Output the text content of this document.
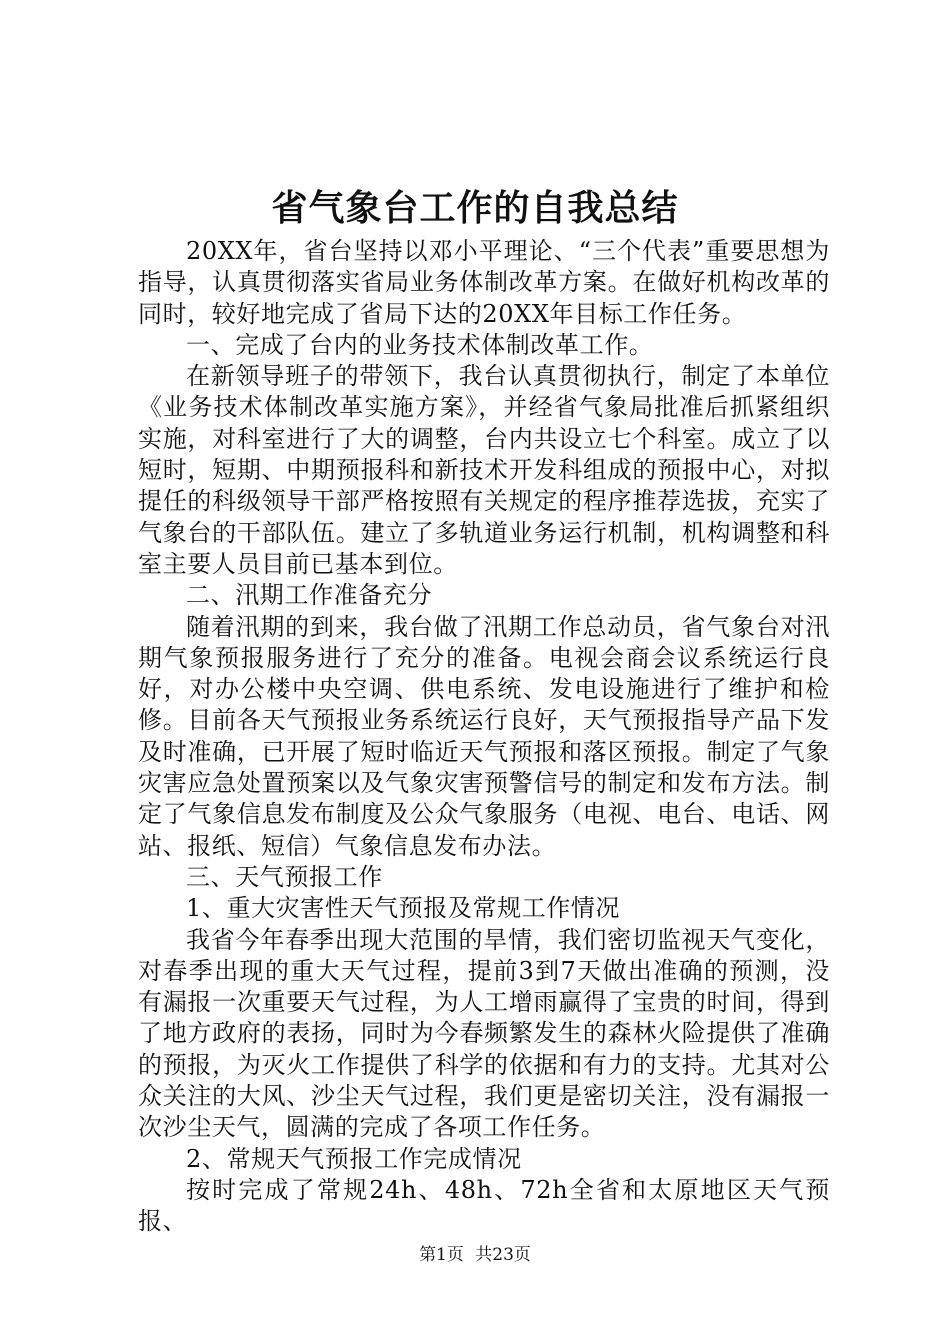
省气象台工作的自我总结

20XX年，省台坚持以邓小平理论、“三个代表”重要思想为指导，认真贯彻落实省局业务体制改革方案。在做好机构改革的同时，较好地完成了省局下达的20XX年目标工作任务。

一、完成了台内的业务技术体制改革工作。

在新领导班子的带领下，我台认真贯彻执行，制定了本单位《业务技术体制改革实施方案》，并经省气象局批准后抓紧组织实施，对科室进行了大的调整，台内共设立七个科室。成立了以短时，短期、中期预报科和新技术开发科组成的预报中心，对拟提任的科级领导干部严格按照有关规定的程序推荐选拔，充实了气象台的干部队伍。建立了多轨道业务运行机制，机构调整和科室主要人员目前已基本到位。

二、汛期工作准备充分

随着汛期的到来，我台做了汛期工作总动员，省气象台对汛期气象预报服务进行了充分的准备。电视会商会议系统运行良好，对办公楼中央空调、供电系统、发电设施进行了维护和检修。目前各天气预报业务系统运行良好，天气预报指导产品下发及时准确，已开展了短时临近天气预报和落区预报。制定了气象灾害应急处置预案以及气象灾害预警信号的制定和发布方法。制定了气象信息发布制度及公众气象服务（电视、电台、电话、网站、报纸、短信）气象信息发布办法。

三、天气预报工作

1、重大灾害性天气预报及常规工作情况

我省今年春季出现大范围的旱情，我们密切监视天气变化，对春季出现的重大天气过程，提前3到7天做出准确的预测，没有漏报一次重要天气过程，为人工增雨赢得了宝贵的时间，得到了地方政府的表扬，同时为今春频繁发生的森林火险提供了准确的预报，为灭火工作提供了科学的依据和有力的支持。尤其对公众关注的大风、沙尘天气过程，我们更是密切关注，没有漏报一次沙尘天气，圆满的完成了各项工作任务。

2、常规天气预报工作完成情况

按时完成了常规24h、48h、72h全省和太原地区天气预报、

第1页 共23页
